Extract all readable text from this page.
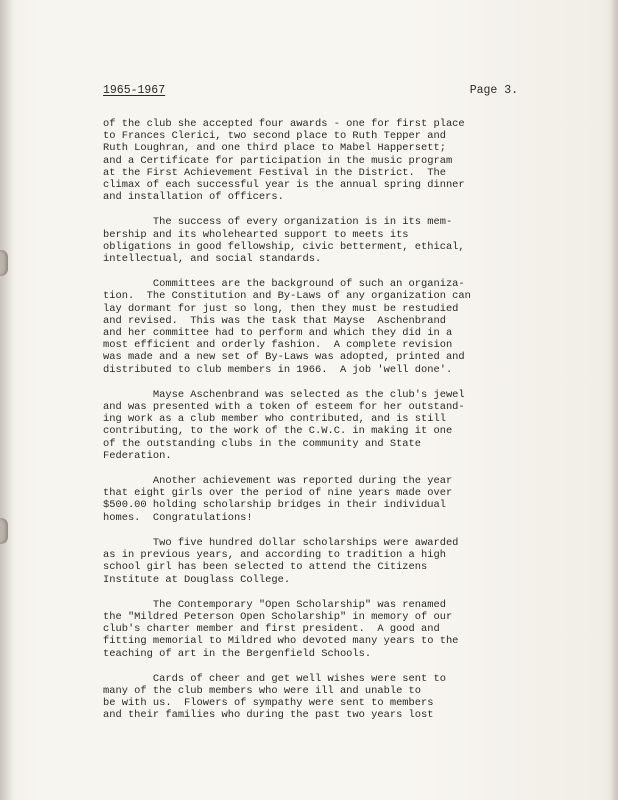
1965-1967	Page 3.
of the club she accepted four awards - one for first place
to Frances Clerici, two second place to Ruth Tepper and
Ruth Loughran, and one third place to Mabel Happersett;
and a Certificate for participation in the music program
at the First Achievement Festival in the District.  The
climax of each successful year is the annual spring dinner
and installation of officers.
The success of every organization is in its mem-
bership and its wholehearted support to meets its
obligations in good fellowship, civic betterment, ethical,
intellectual, and social standards.
Committees are the background of such an organiza-
tion.  The Constitution and By-Laws of any organization can
lay dormant for just so long, then they must be restudied
and revised.  This was the task that Mayse  Aschenbrand
and her committee had to perform and which they did in a
most efficient and orderly fashion.  A complete revision
was made and a new set of By-Laws was adopted, printed and
distributed to club members in 1966.  A job 'well done'.
Mayse Aschenbrand was selected as the club's jewel
and was presented with a token of esteem for her outstand-
ing work as a club member who contributed, and is still
contributing, to the work of the C.W.C. in making it one
of the outstanding clubs in the community and State
Federation.
Another achievement was reported during the year
that eight girls over the period of nine years made over
$500.00 holding scholarship bridges in their individual
homes.  Congratulations!
Two five hundred dollar scholarships were awarded
as in previous years, and according to tradition a high
school girl has been selected to attend the Citizens
Institute at Douglass College.
The Contemporary "Open Scholarship" was renamed
the "Mildred Peterson Open Scholarship" in memory of our
club's charter member and first president.  A good and
fitting memorial to Mildred who devoted many years to the
teaching of art in the Bergenfield Schools.
Cards of cheer and get well wishes were sent to
many of the club members who were ill and unable to
be with us.  Flowers of sympathy were sent to members
and their families who during the past two years lost
